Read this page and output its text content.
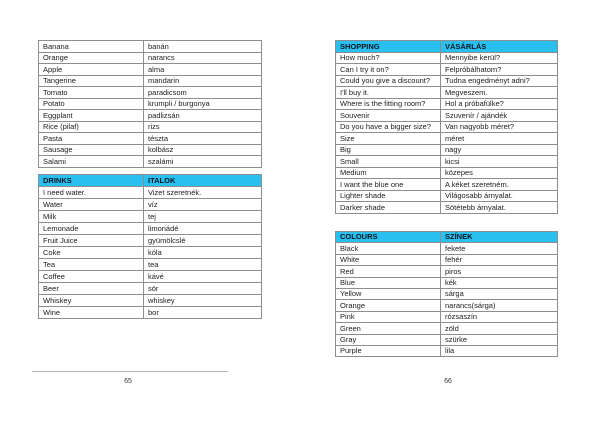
Banana	banán
Orange	narancs
Apple	alma
Tangerine	mandarin
Tomato	paradicsom
Potato	krumpli / burgonya
Eggplant	padlizsán
Rice (pilaf)	rizs
Pasta	tészta
Sausage	kolbász
Salami	szalámi
DRINKS	ITALOK
I need water.	Vizet szeretnék.
Water	víz
Milk	tej
Lemonade	limonádé
Fruit Juice	gyümölcslé
Coke	kóla
Tea	tea
Coffee	kávé
Beer	sör
Whiskey	whiskey
Wine	bor
65
SHOPPING	VÁSÁRLÁS
How much?	Mennyibe kerül?
Can I try it on?	Felpróbálhatom?
Could you give a discount?	Tudna engedményt adni?
I'll buy it.	Megveszem.
Where is the fitting room?	Hol a próbafülke?
Souvenir	Szuvenír / ajándék
Do you have a bigger size?	Van nagyobb méret?
Size	méret
Big	nagy
Small	kicsi
Medium	közepes
I want the blue one	A kéket szeretném.
Lighter shade	Világosabb árnyalat.
Darker shade	Sötétebb árnyalat.
COLOURS	SZÍNEK
Black	fekete
White	fehér
Red	piros
Blue	kék
Yellow	sárga
Orange	narancs(sárga)
Pink	rózsaszín
Green	zöld
Gray	szürke
Purple	lila
66
